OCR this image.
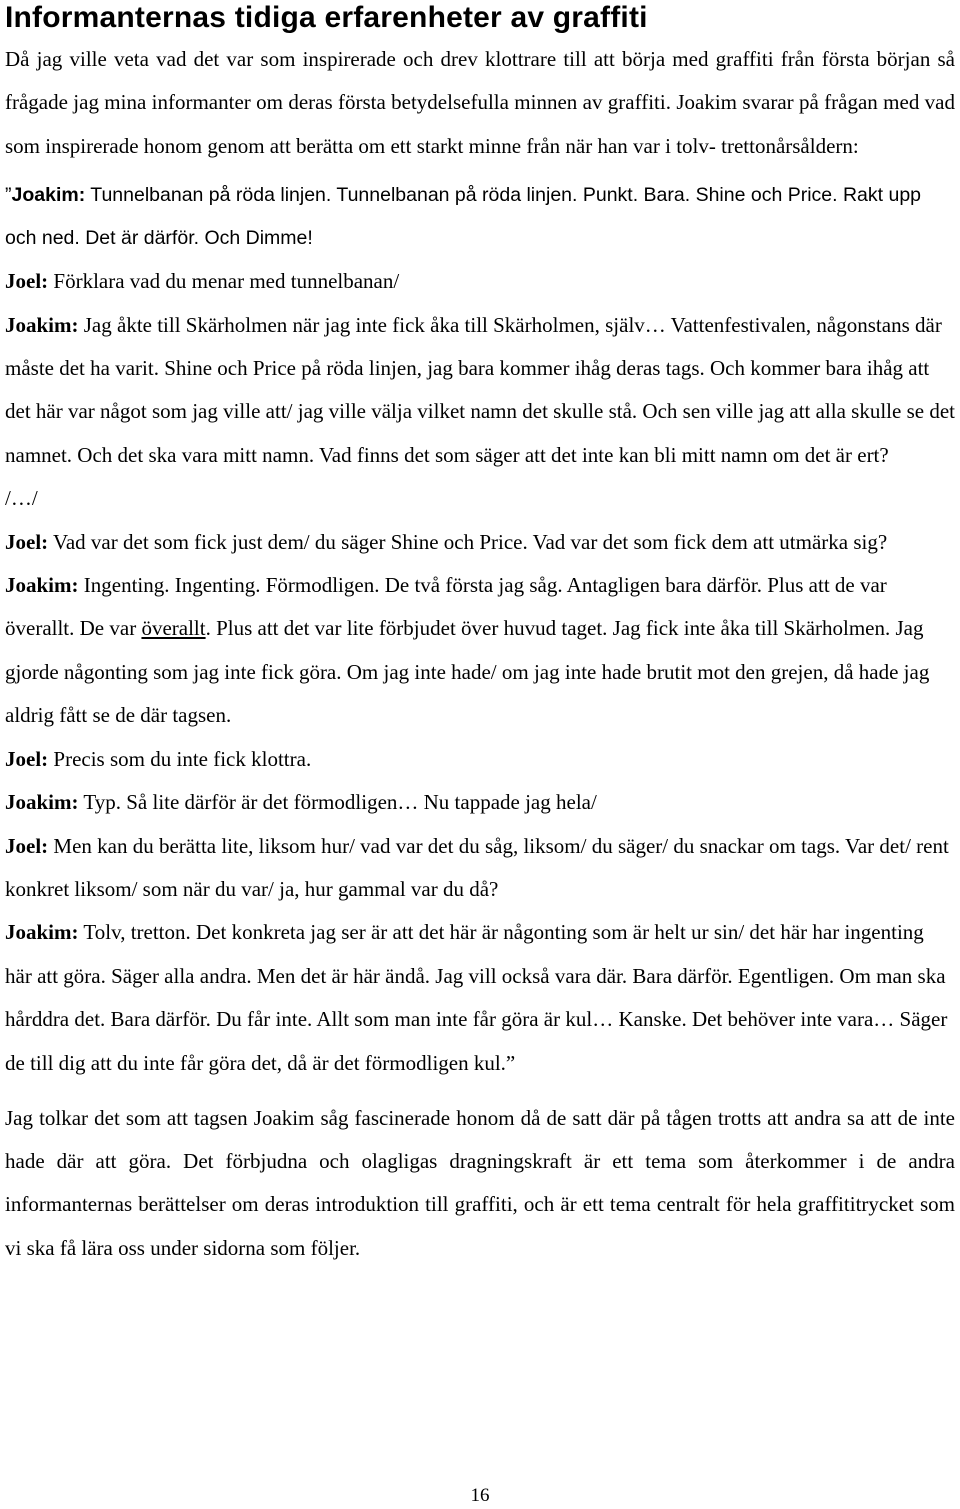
Informanternas tidiga erfarenheter av graffiti

Då jag ville veta vad det var som inspirerade och drev klottrare till att börja med graffiti från första början så frågade jag mina informanter om deras första betydelsefulla minnen av graffiti. Joakim svarar på frågan med vad som inspirerade honom genom att berätta om ett starkt minne från när han var i tolv- trettonårsåldern:

”Joakim: Tunnelbanan på röda linjen. Tunnelbanan på röda linjen. Punkt. Bara. Shine och Price. Rakt upp och ned. Det är därför. Och Dimme!

Joel: Förklara vad du menar med tunnelbanan/

Joakim: Jag åkte till Skärholmen när jag inte fick åka till Skärholmen, själv… Vattenfestivalen, någonstans där måste det ha varit. Shine och Price på röda linjen, jag bara kommer ihåg deras tags. Och kommer bara ihåg att det här var något som jag ville att/ jag ville välja vilket namn det skulle stå. Och sen ville jag att alla skulle se det namnet. Och det ska vara mitt namn. Vad finns det som säger att det inte kan bli mitt namn om det är ert?

/…/

Joel: Vad var det som fick just dem/ du säger Shine och Price. Vad var det som fick dem att utmärka sig?

Joakim: Ingenting. Ingenting. Förmodligen. De två första jag såg. Antagligen bara därför. Plus att de var överallt. De var överallt. Plus att det var lite förbjudet över huvud taget. Jag fick inte åka till Skärholmen. Jag gjorde någonting som jag inte fick göra. Om jag inte hade/ om jag inte hade brutit mot den grejen, då hade jag aldrig fått se de där tagsen.

Joel: Precis som du inte fick klottra.

Joakim: Typ. Så lite därför är det förmodligen… Nu tappade jag hela/

Joel: Men kan du berätta lite, liksom hur/ vad var det du såg, liksom/ du säger/ du snackar om tags. Var det/ rent konkret liksom/ som när du var/ ja, hur gammal var du då?

Joakim: Tolv, tretton. Det konkreta jag ser är att det här är någonting som är helt ur sin/ det här har ingenting här att göra. Säger alla andra. Men det är här ändå. Jag vill också vara där. Bara därför. Egentligen. Om man ska hårddra det. Bara därför. Du får inte. Allt som man inte får göra är kul… Kanske. Det behöver inte vara… Säger de till dig att du inte får göra det, då är det förmodligen kul.”

Jag tolkar det som att tagsen Joakim såg fascinerade honom då de satt där på tågen trotts att andra sa att de inte hade där att göra. Det förbjudna och olagligas dragningskraft är ett tema som återkommer i de andra informanternas berättelser om deras introduktion till graffiti, och är ett tema centralt för hela graffititrycket som vi ska få lära oss under sidorna som följer.

16
